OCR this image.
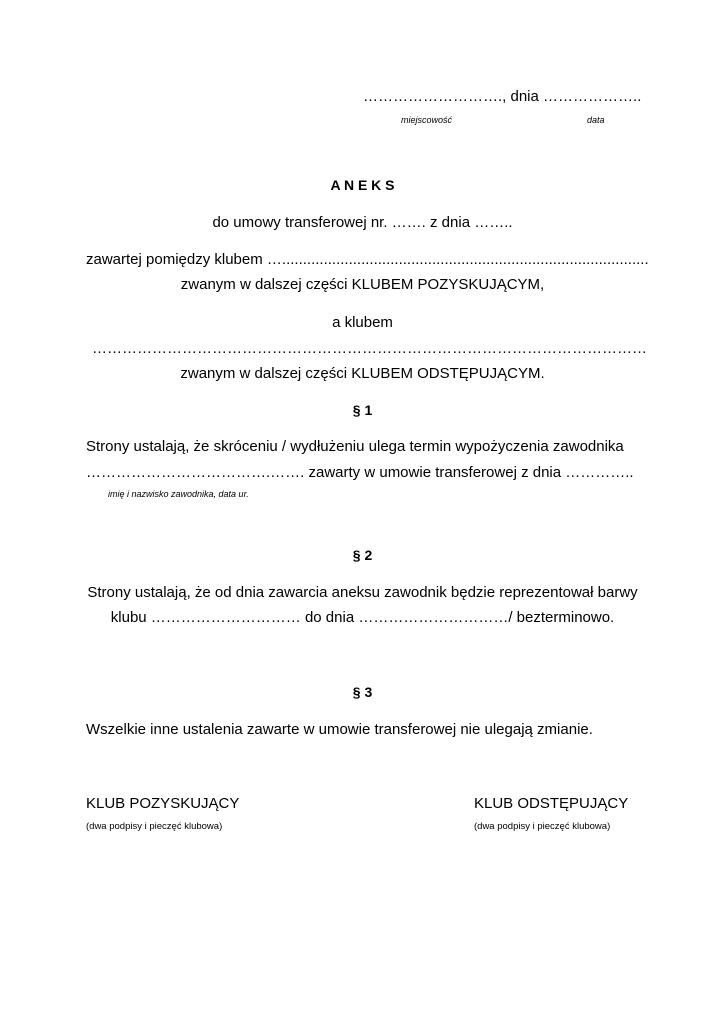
………………………., dnia ………………..
miejscowość	data
A N E K S
do umowy transferowej nr. ……. z dnia ……..
zawartej pomiędzy klubem …........................................................................................
zwanym w dalszej części KLUBEM POZYSKUJĄCYM,
a klubem
…………………………………………………………………………………………………
zwanym w dalszej części KLUBEM ODSTĘPUJĄCYM.
§ 1
Strony ustalają, że skróceniu / wydłużeniu ulega termin wypożyczenia zawodnika
……………………………….……. zawarty w umowie transferowej z dnia …………..
imię i nazwisko zawodnika, data ur.
§ 2
Strony ustalają, że od dnia zawarcia aneksu zawodnik będzie reprezentował barwy
klubu ………………………… do dnia …………………………/ bezterminowo.
§ 3
Wszelkie inne ustalenia zawarte w umowie transferowej nie ulegają zmianie.
KLUB POZYSKUJĄCY
(dwa podpisy i pieczęć klubowa)
KLUB ODSTĘPUJĄCY
(dwa podpisy i pieczęć klubowa)
